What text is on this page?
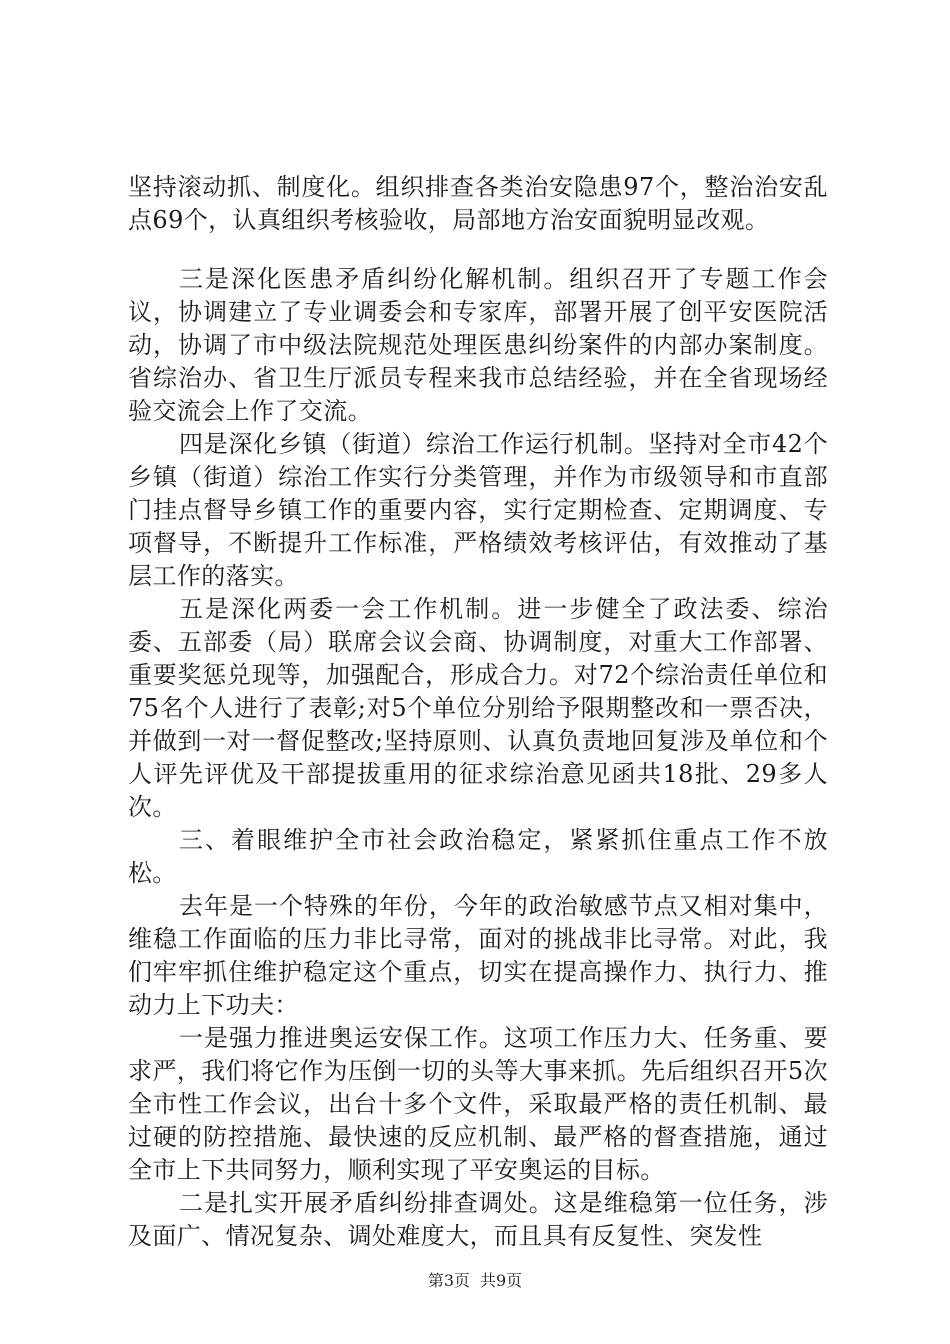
坚持滚动抓、制度化。组织排查各类治安隐患97个，整治治安乱点69个，认真组织考核验收，局部地方治安面貌明显改观。

三是深化医患矛盾纠纷化解机制。组织召开了专题工作会议，协调建立了专业调委会和专家库，部署开展了创平安医院活动，协调了市中级法院规范处理医患纠纷案件的内部办案制度。省综治办、省卫生厅派员专程来我市总结经验，并在全省现场经验交流会上作了交流。

四是深化乡镇（街道）综治工作运行机制。坚持对全市42个乡镇（街道）综治工作实行分类管理，并作为市级领导和市直部门挂点督导乡镇工作的重要内容，实行定期检查、定期调度、专项督导，不断提升工作标准，严格绩效考核评估，有效推动了基层工作的落实。

五是深化两委一会工作机制。进一步健全了政法委、综治委、五部委（局）联席会议会商、协调制度，对重大工作部署、重要奖惩兑现等，加强配合，形成合力。对72个综治责任单位和75名个人进行了表彰;对5个单位分别给予限期整改和一票否决，并做到一对一督促整改;坚持原则、认真负责地回复涉及单位和个人评先评优及干部提拔重用的征求综治意见函共18批、29多人次。

三、着眼维护全市社会政治稳定，紧紧抓住重点工作不放松。

去年是一个特殊的年份，今年的政治敏感节点又相对集中，维稳工作面临的压力非比寻常，面对的挑战非比寻常。对此，我们牢牢抓住维护稳定这个重点，切实在提高操作力、执行力、推动力上下功夫：

一是强力推进奥运安保工作。这项工作压力大、任务重、要求严，我们将它作为压倒一切的头等大事来抓。先后组织召开5次全市性工作会议，出台十多个文件，采取最严格的责任机制、最过硬的防控措施、最快速的反应机制、最严格的督查措施，通过全市上下共同努力，顺利实现了平安奥运的目标。

二是扎实开展矛盾纠纷排查调处。这是维稳第一位任务，涉及面广、情况复杂、调处难度大，而且具有反复性、突发性

第3页 共9页
